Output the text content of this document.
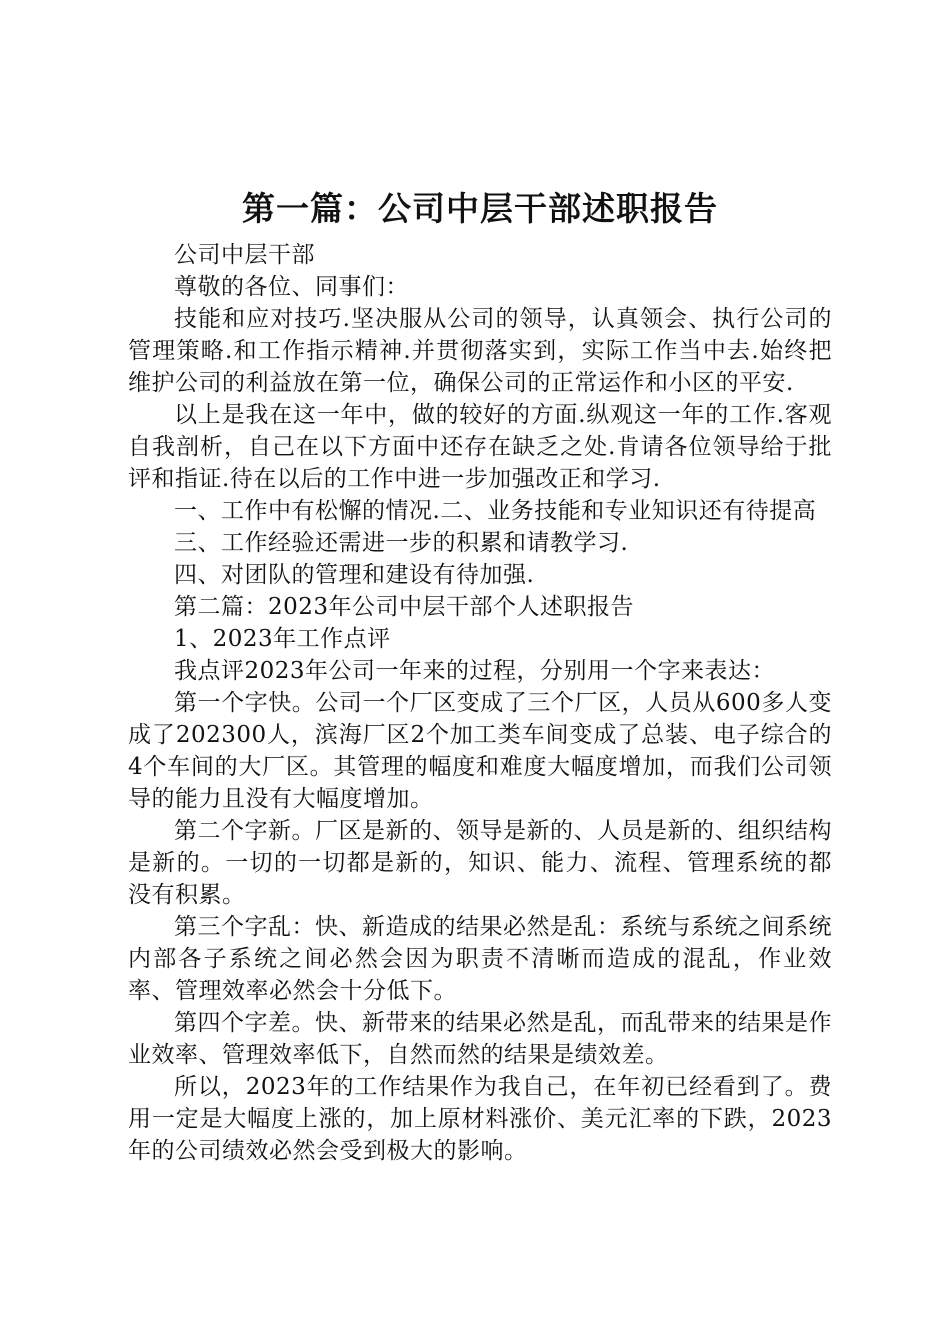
第一篇：公司中层干部述职报告

公司中层干部

尊敬的各位、同事们：

技能和应对技巧.坚决服从公司的领导，认真领会、执行公司的管理策略.和工作指示精神.并贯彻落实到，实际工作当中去.始终把维护公司的利益放在第一位，确保公司的正常运作和小区的平安.

以上是我在这一年中，做的较好的方面.纵观这一年的工作.客观自我剖析，自己在以下方面中还存在缺乏之处.肯请各位领导给于批评和指证.待在以后的工作中进一步加强改正和学习.

一、工作中有松懈的情况.二、业务技能和专业知识还有待提高

三、工作经验还需进一步的积累和请教学习.

四、对团队的管理和建设有待加强.

第二篇：2023年公司中层干部个人述职报告

1、2023年工作点评

我点评2023年公司一年来的过程，分别用一个字来表达：

第一个字快。公司一个厂区变成了三个厂区，人员从600多人变成了202300人，滨海厂区2个加工类车间变成了总装、电子综合的4个车间的大厂区。其管理的幅度和难度大幅度增加，而我们公司领导的能力且没有大幅度增加。

第二个字新。厂区是新的、领导是新的、人员是新的、组织结构是新的。一切的一切都是新的，知识、能力、流程、管理系统的都没有积累。

第三个字乱：快、新造成的结果必然是乱：系统与系统之间系统内部各子系统之间必然会因为职责不清晰而造成的混乱，作业效率、管理效率必然会十分低下。

第四个字差。快、新带来的结果必然是乱，而乱带来的结果是作业效率、管理效率低下，自然而然的结果是绩效差。

所以，2023年的工作结果作为我自己，在年初已经看到了。费用一定是大幅度上涨的，加上原材料涨价、美元汇率的下跌，2023年的公司绩效必然会受到极大的影响。
